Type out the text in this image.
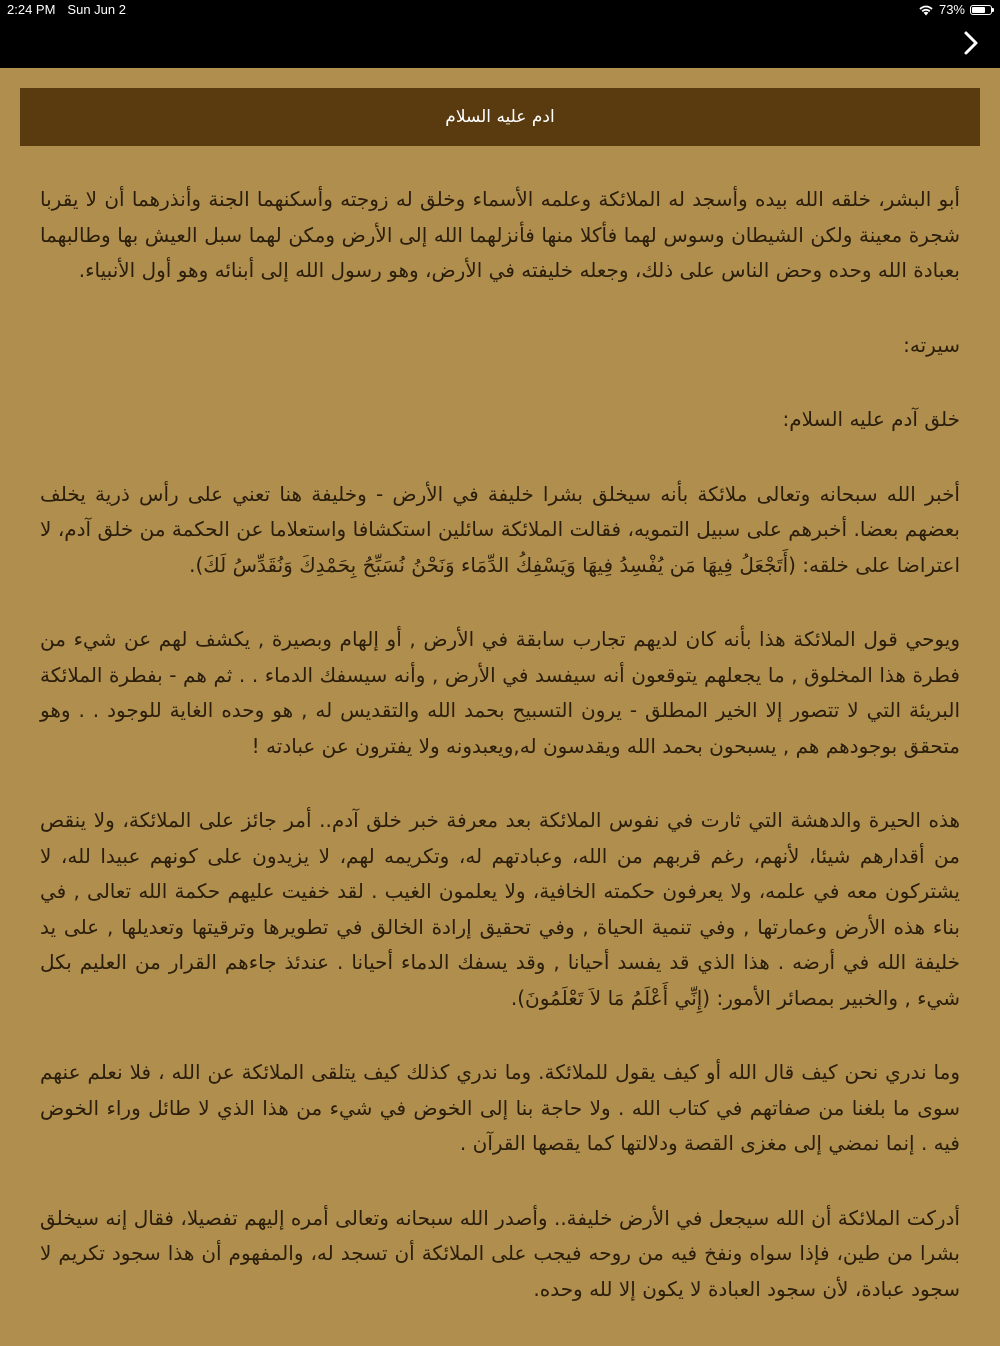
2:24 PM Sun Jun 2	73%
ادم عليه السلام

أبو البشر، خلقه الله بيده وأسجد له الملائكة وعلمه الأسماء وخلق له زوجته وأسكنهما الجنة وأنذرهما أن لا يقربا شجرة معينة ولكن الشيطان وسوس لهما فأكلا منها فأنزلهما الله إلى الأرض ومكن لهما سبل العيش بها وطالبهما بعبادة الله وحده وحض الناس على ذلك، وجعله خليفته في الأرض، وهو رسول الله إلى أبنائه وهو أول الأنبياء.

سيرته:

خلق آدم عليه السلام:

أخبر الله سبحانه وتعالى ملائكة بأنه سيخلق بشرا خليفة في الأرض - وخليفة هنا تعني على رأس ذرية يخلف بعضهم بعضا. أخبرهم على سبيل التمويه، فقالت الملائكة سائلين استكشافا واستعلاما عن الحكمة من خلق آدم، لا اعتراضا على خلقه: (أَتَجْعَلُ فِيهَا مَن يُفْسِدُ فِيهَا وَيَسْفِكُ الدِّمَاء وَنَحْنُ نُسَبِّحُ بِحَمْدِكَ وَنُقَدِّسُ لَكَ).

ويوحي قول الملائكة هذا بأنه كان لديهم تجارب سابقة في الأرض , أو إلهام وبصيرة , يكشف لهم عن شيء من فطرة هذا المخلوق , ما يجعلهم يتوقعون أنه سيفسد في الأرض , وأنه سيسفك الدماء . . ثم هم - بفطرة الملائكة البريئة التي لا تتصور إلا الخير المطلق - يرون التسبيح بحمد الله والتقديس له , هو وحده الغاية للوجود . . وهو متحقق بوجودهم هم , يسبحون بحمد الله ويقدسون له,ويعبدونه ولا يفترون عن عبادته !

هذه الحيرة والدهشة التي ثارت في نفوس الملائكة بعد معرفة خبر خلق آدم.. أمر جائز على الملائكة، ولا ينقص من أقدارهم شيئا، لأنهم، رغم قربهم من الله، وعبادتهم له، وتكريمه لهم، لا يزيدون على كونهم عبيدا لله، لا يشتركون معه في علمه، ولا يعرفون حكمته الخافية، ولا يعلمون الغيب . لقد خفيت عليهم حكمة الله تعالى , في بناء هذه الأرض وعمارتها , وفي تنمية الحياة , وفي تحقيق إرادة الخالق في تطويرها وترقيتها وتعديلها , على يد خليفة الله في أرضه . هذا الذي قد يفسد أحيانا , وقد يسفك الدماء أحيانا . عندئذ جاءهم القرار من العليم بكل شيء , والخبير بمصائر الأمور: (إِنِّي أَعْلَمُ مَا لاَ تَعْلَمُونَ).

وما ندري نحن كيف قال الله أو كيف يقول للملائكة. وما ندري كذلك كيف يتلقى الملائكة عن الله ، فلا نعلم عنهم سوى ما بلغنا من صفاتهم في كتاب الله . ولا حاجة بنا إلى الخوض في شيء من هذا الذي لا طائل وراء الخوض فيه . إنما نمضي إلى مغزى القصة ودلالتها كما يقصها القرآن .

أدركت الملائكة أن الله سيجعل في الأرض خليفة.. وأصدر الله سبحانه وتعالى أمره إليهم تفصيلا، فقال إنه سيخلق بشرا من طين، فإذا سواه ونفخ فيه من روحه فيجب على الملائكة أن تسجد له، والمفهوم أن هذا سجود تكريم لا سجود عبادة، لأن سجود العبادة لا يكون إلا لله وحده.
